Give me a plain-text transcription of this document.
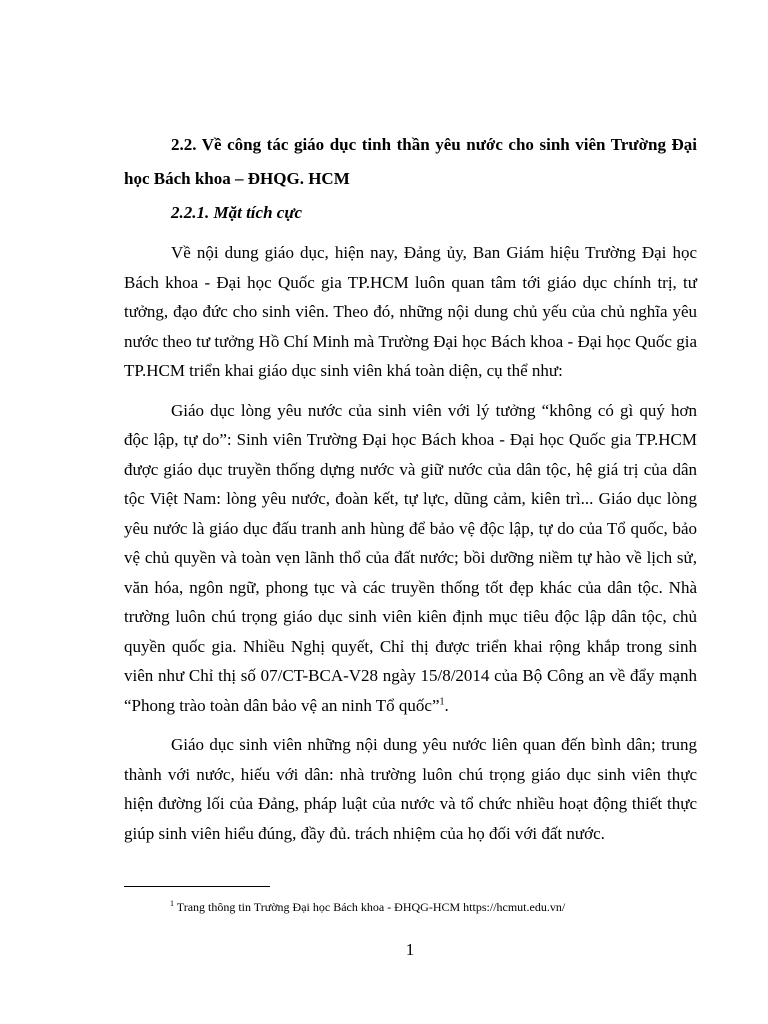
2.2. Về công tác giáo dục tinh thần yêu nước cho sinh viên Trường Đại học Bách khoa – ĐHQG. HCM

2.2.1. Mặt tích cực

Về nội dung giáo dục, hiện nay, Đảng ủy, Ban Giám hiệu Trường Đại học Bách khoa - Đại học Quốc gia TP.HCM luôn quan tâm tới giáo dục chính trị, tư tưởng, đạo đức cho sinh viên. Theo đó, những nội dung chủ yếu của chủ nghĩa yêu nước theo tư tưởng Hồ Chí Minh mà Trường Đại học Bách khoa - Đại học Quốc gia TP.HCM triển khai giáo dục sinh viên khá toàn diện, cụ thể như:

Giáo dục lòng yêu nước của sinh viên với lý tưởng “không có gì quý hơn độc lập, tự do”: Sinh viên Trường Đại học Bách khoa - Đại học Quốc gia TP.HCM được giáo dục truyền thống dựng nước và giữ nước của dân tộc, hệ giá trị của dân tộc Việt Nam: lòng yêu nước, đoàn kết, tự lực, dũng cảm, kiên trì... Giáo dục lòng yêu nước là giáo dục đấu tranh anh hùng để bảo vệ độc lập, tự do của Tổ quốc, bảo vệ chủ quyền và toàn vẹn lãnh thổ của đất nước; bồi dưỡng niềm tự hào về lịch sử, văn hóa, ngôn ngữ, phong tục và các truyền thống tốt đẹp khác của dân tộc. Nhà trường luôn chú trọng giáo dục sinh viên kiên định mục tiêu độc lập dân tộc, chủ quyền quốc gia. Nhiều Nghị quyết, Chỉ thị được triển khai rộng khắp trong sinh viên như Chỉ thị số 07/CT-BCA-V28 ngày 15/8/2014 của Bộ Công an về đẩy mạnh “Phong trào toàn dân bảo vệ an ninh Tổ quốc”$^1$.

Giáo dục sinh viên những nội dung yêu nước liên quan đến bình dân; trung thành với nước, hiếu với dân: nhà trường luôn chú trọng giáo dục sinh viên thực hiện đường lối của Đảng, pháp luật của nước và tổ chức nhiều hoạt động thiết thực giúp sinh viên hiểu đúng, đầy đủ. trách nhiệm của họ đối với đất nước.

$^1$ Trang thông tin Trường Đại học Bách khoa - ĐHQG-HCM https://hcmut.edu.vn/
1
